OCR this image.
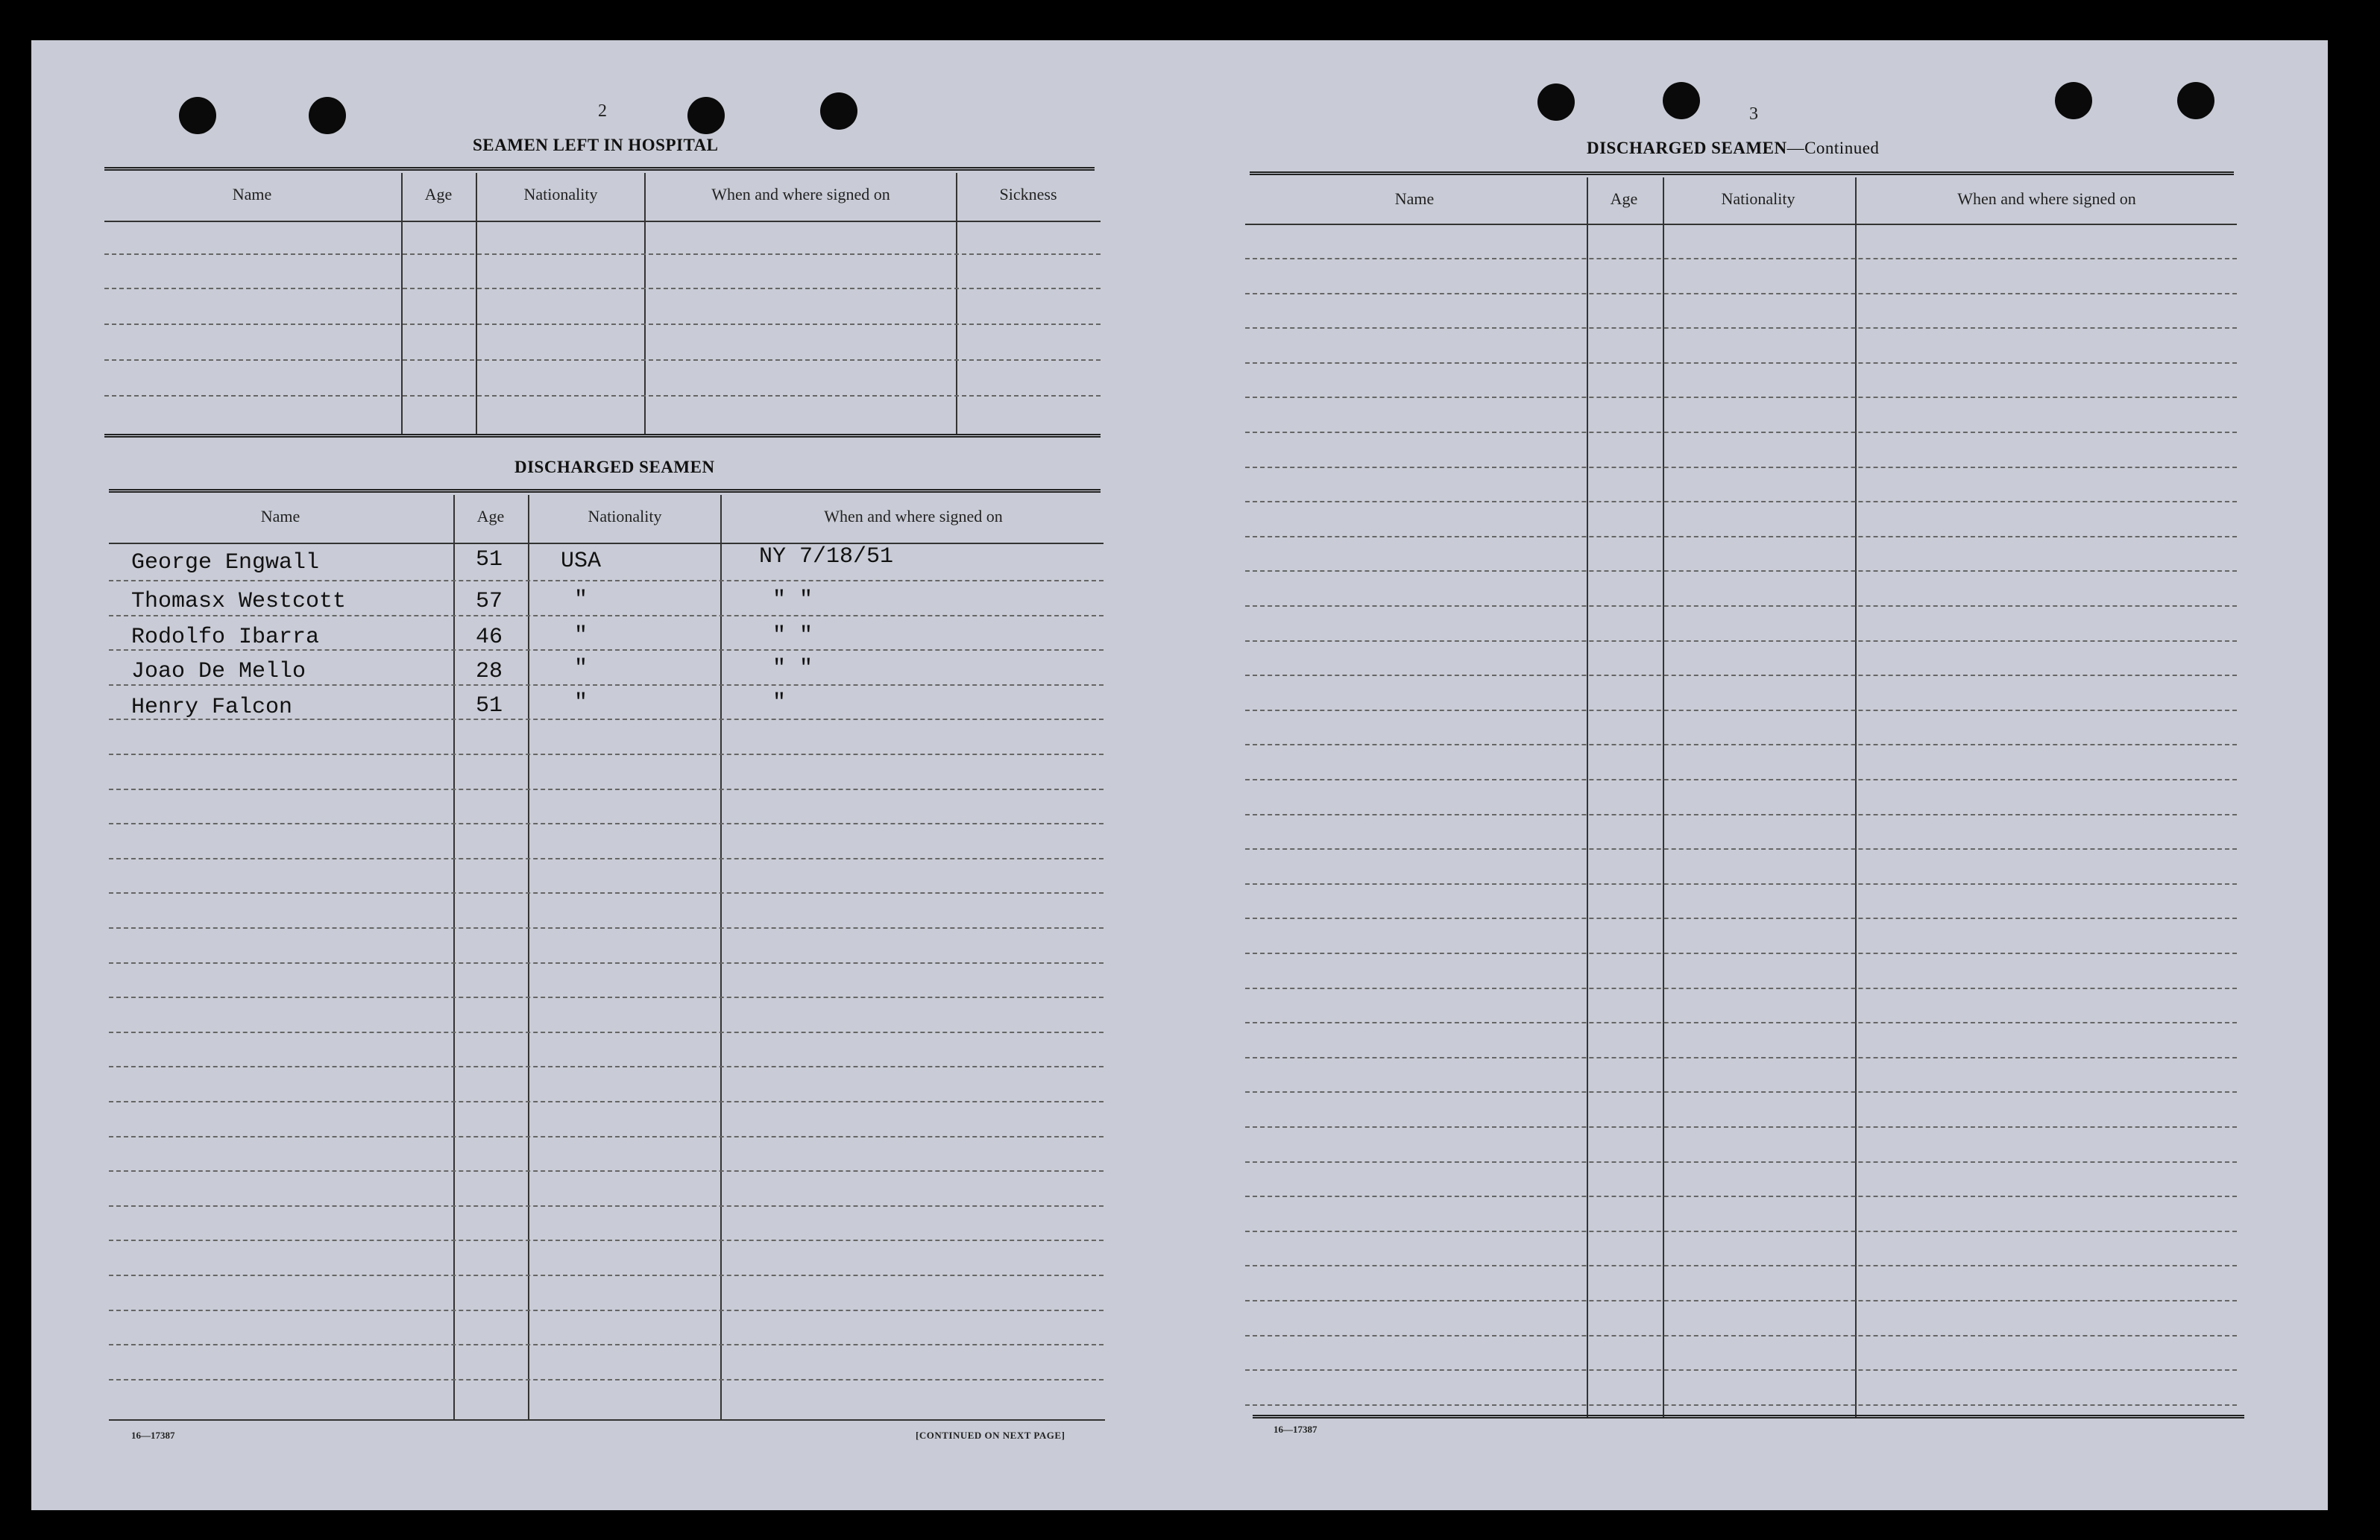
2
SEAMEN LEFT IN HOSPITAL
Name	Age	Nationality	When and where signed on	Sickness
DISCHARGED SEAMEN
Name	Age	Nationality	When and where signed on
George Engwall	51	USA	NY 7/18/51
Thomasx Westcott	57	"	" "
Rodolfo Ibarra	46	"	" "
Joao De Mello	28	"	" "
Henry Falcon	51	"	"
16—17387	[CONTINUED ON NEXT PAGE]
3
DISCHARGED SEAMEN—Continued
Name	Age	Nationality	When and where signed on
16—17387
